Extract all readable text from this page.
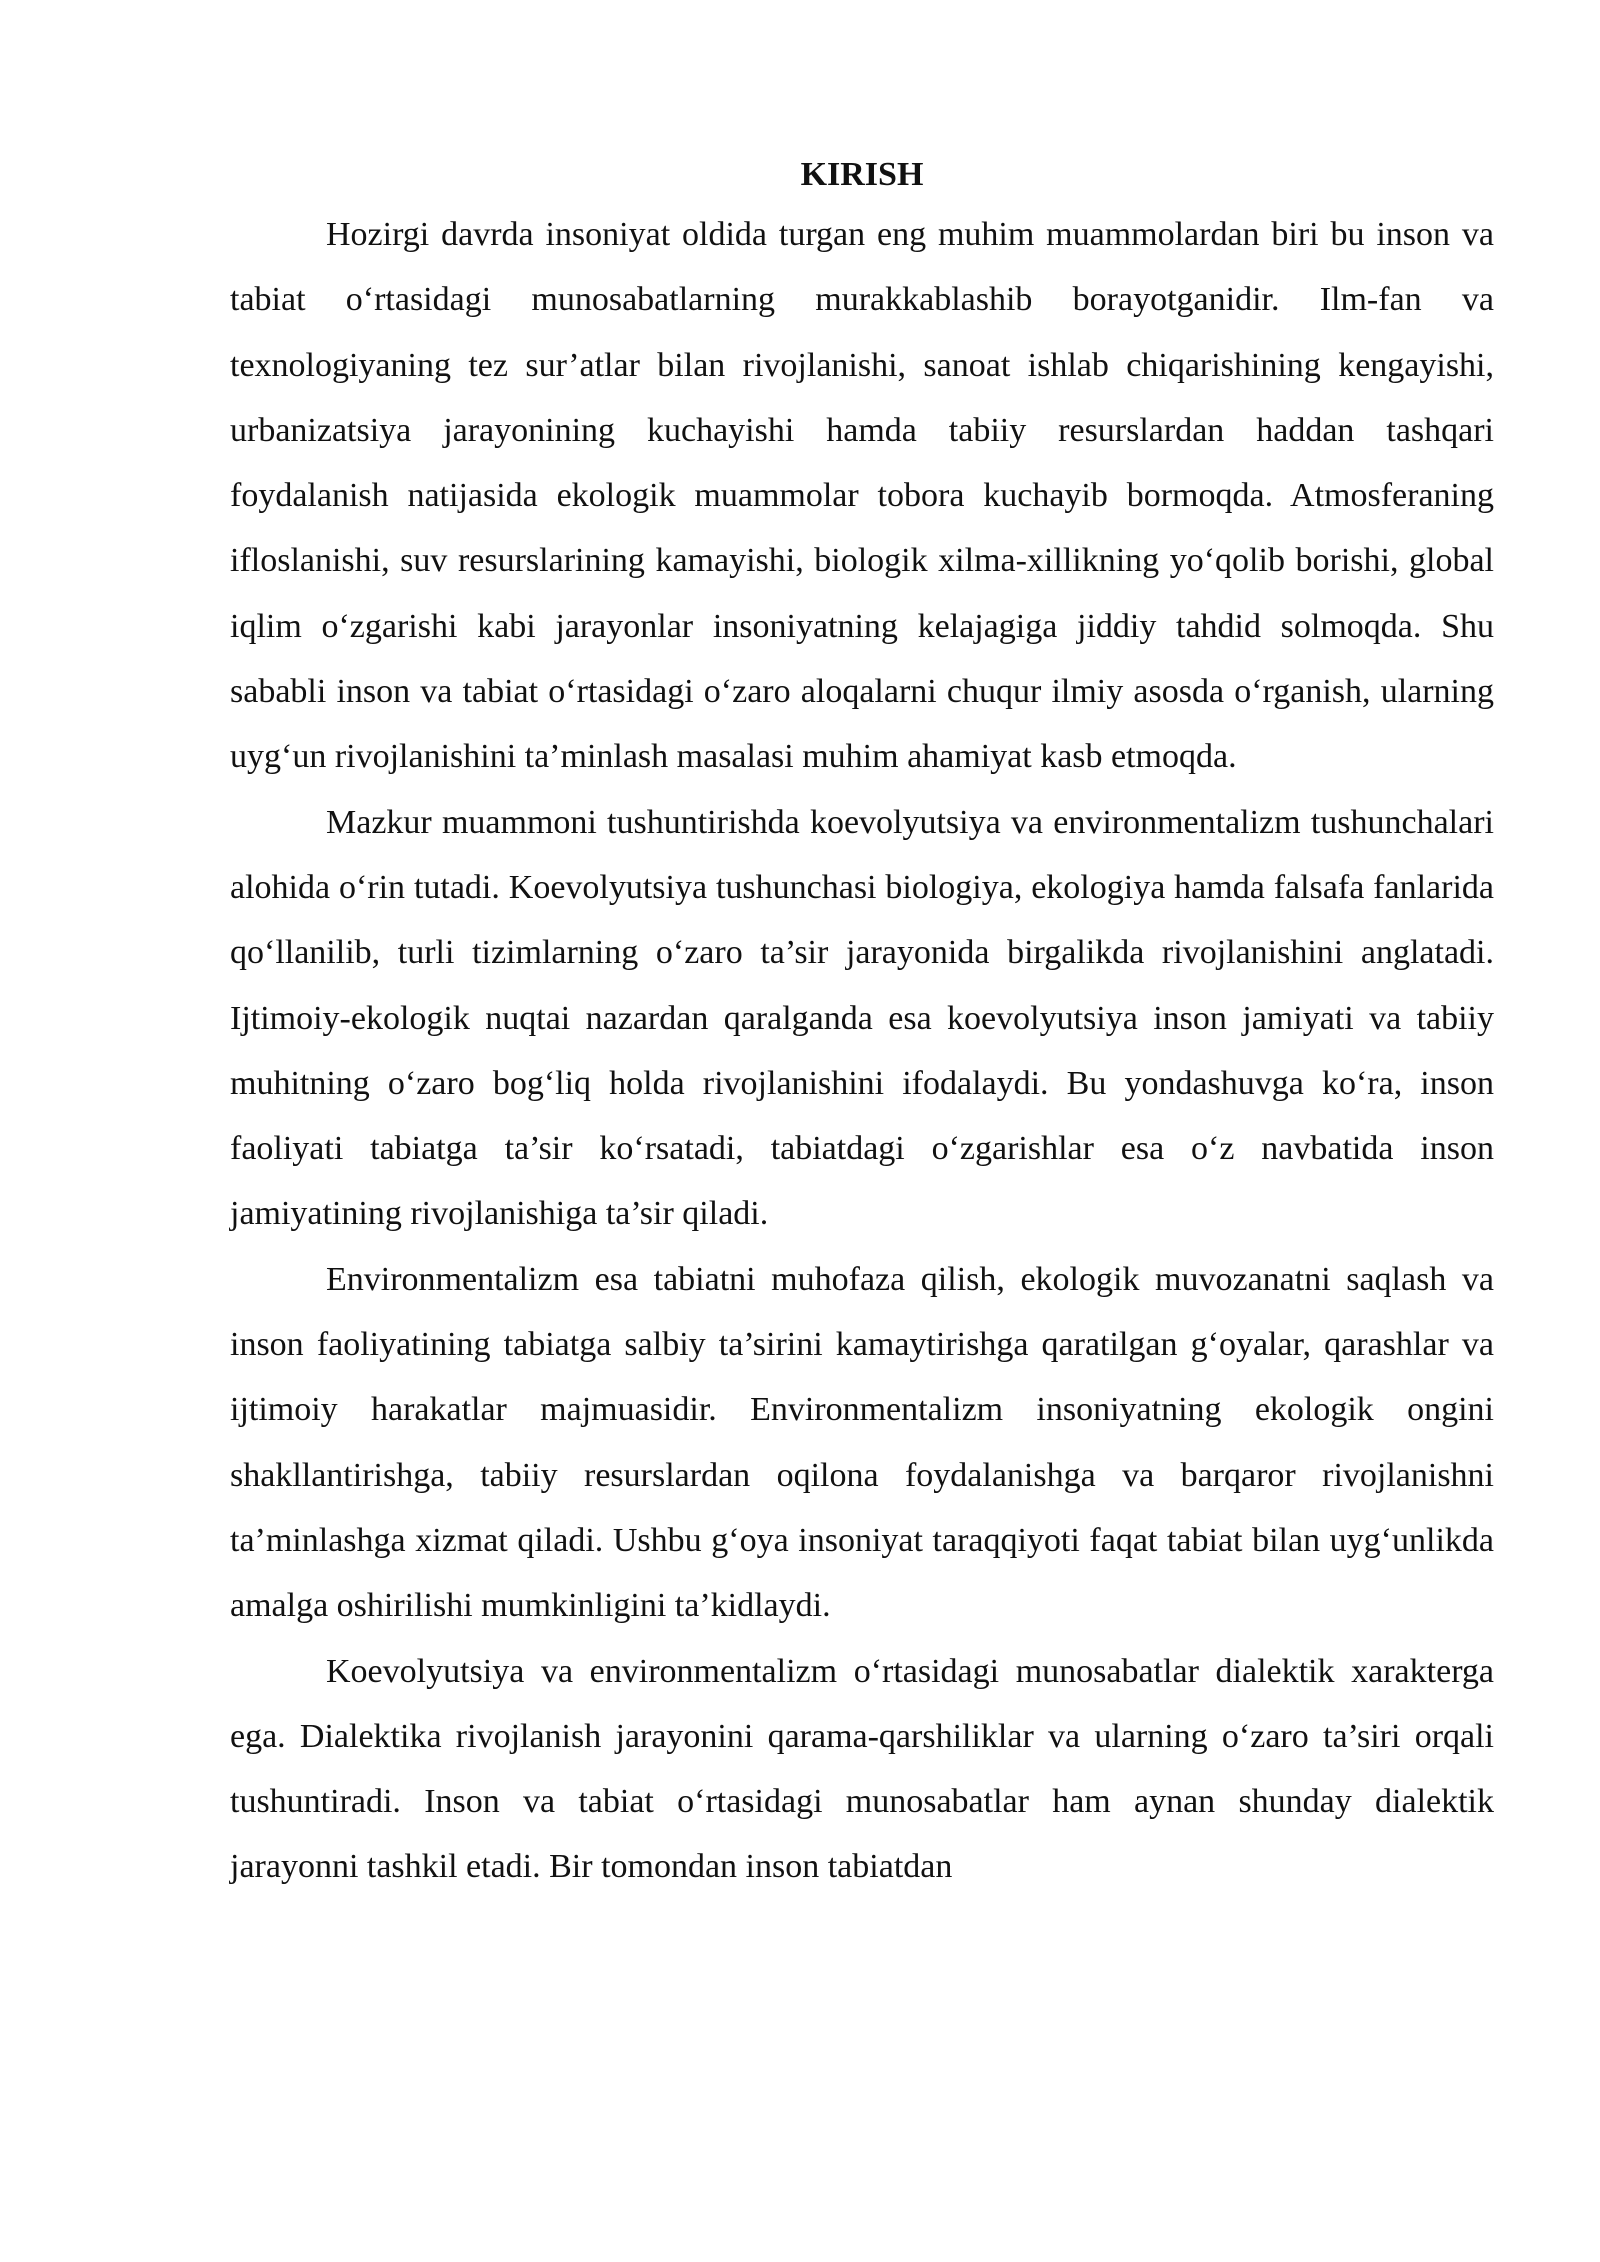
KIRISH

Hozirgi davrda insoniyat oldida turgan eng muhim muammolardan biri bu inson va tabiat o‘rtasidagi munosabatlarning murakkablashib borayotganidir. Ilm-fan va texnologiyaning tez sur’atlar bilan rivojlanishi, sanoat ishlab chiqarishining kengayishi, urbanizatsiya jarayonining kuchayishi hamda tabiiy resurslardan haddan tashqari foydalanish natijasida ekologik muammolar tobora kuchayib bormoqda. Atmosferaning ifloslanishi, suv resurslarining kamayishi, biologik xilma-xillikning yo‘qolib borishi, global iqlim o‘zgarishi kabi jarayonlar insoniyatning kelajagiga jiddiy tahdid solmoqda. Shu sababli inson va tabiat o‘rtasidagi o‘zaro aloqalarni chuqur ilmiy asosda o‘rganish, ularning uyg‘un rivojlanishini ta’minlash masalasi muhim ahamiyat kasb etmoqda.

Mazkur muammoni tushuntirishda koevolyutsiya va environmentalizm tushunchalari alohida o‘rin tutadi. Koevolyutsiya tushunchasi biologiya, ekologiya hamda falsafa fanlarida qo‘llanilib, turli tizimlarning o‘zaro ta’sir jarayonida birgalikda rivojlanishini anglatadi. Ijtimoiy-ekologik nuqtai nazardan qaralganda esa koevolyutsiya inson jamiyati va tabiiy muhitning o‘zaro bog‘liq holda rivojlanishini ifodalaydi. Bu yondashuvga ko‘ra, inson faoliyati tabiatga ta’sir ko‘rsatadi, tabiatdagi o‘zgarishlar esa o‘z navbatida inson jamiyatining rivojlanishiga ta’sir qiladi.

Environmentalizm esa tabiatni muhofaza qilish, ekologik muvozanatni saqlash va inson faoliyatining tabiatga salbiy ta’sirini kamaytirishga qaratilgan g‘oyalar, qarashlar va ijtimoiy harakatlar majmuasidir. Environmentalizm insoniyatning ekologik ongini shakllantirishga, tabiiy resurslardan oqilona foydalanishga va barqaror rivojlanishni ta’minlashga xizmat qiladi. Ushbu g‘oya insoniyat taraqqiyoti faqat tabiat bilan uyg‘unlikda amalga oshirilishi mumkinligini ta’kidlaydi.

Koevolyutsiya va environmentalizm o‘rtasidagi munosabatlar dialektik xarakterga ega. Dialektika rivojlanish jarayonini qarama-qarshiliklar va ularning o‘zaro ta’siri orqali tushuntiradi. Inson va tabiat o‘rtasidagi munosabatlar ham aynan shunday dialektik jarayonni tashkil etadi. Bir tomondan inson tabiatdan
